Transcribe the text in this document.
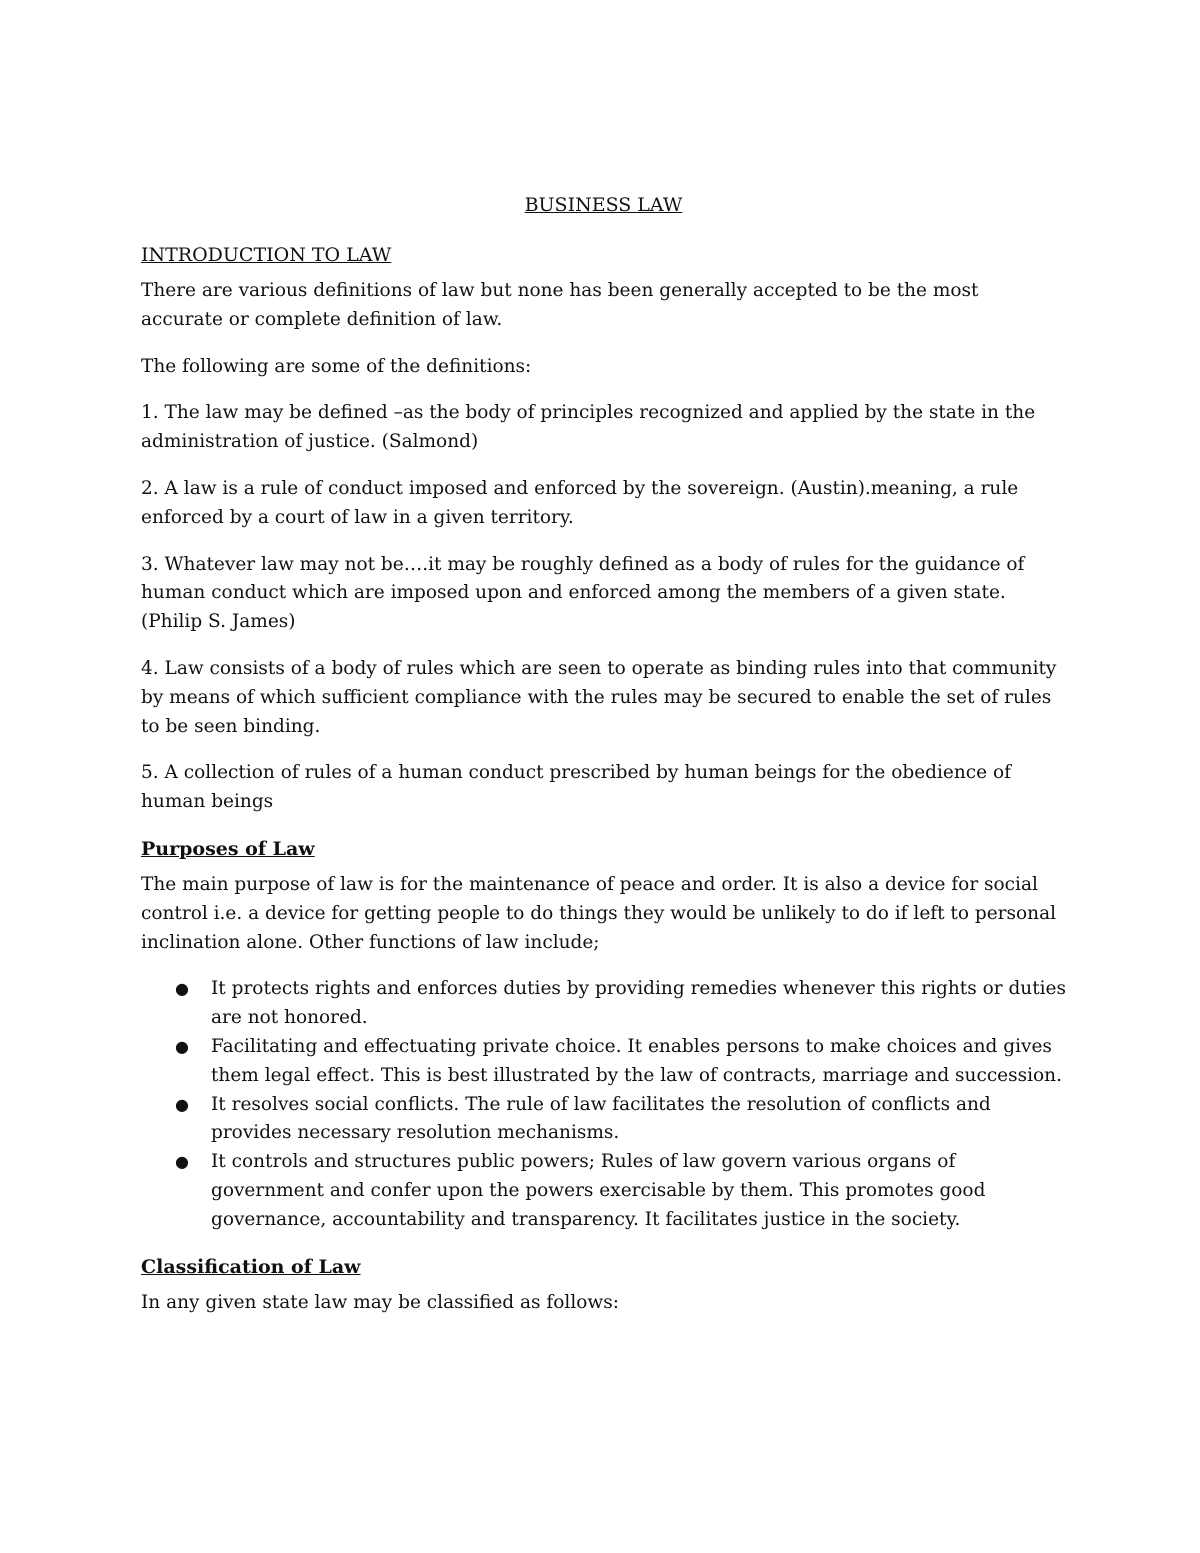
BUSINESS LAW
INTRODUCTION TO LAW

There are various definitions of law but none has been generally accepted to be the most accurate or complete definition of law.

The following are some of the definitions:

1. The law may be defined –as the body of principles recognized and applied by the state in the administration of justice. (Salmond)

2. A law is a rule of conduct imposed and enforced by the sovereign. (Austin).meaning, a rule enforced by a court of law in a given territory.

3. Whatever law may not be….it may be roughly defined as a body of rules for the guidance of human conduct which are imposed upon and enforced among the members of a given state. (Philip S. James)

4. Law consists of a body of rules which are seen to operate as binding rules into that community by means of which sufficient compliance with the rules may be secured to enable the set of rules to be seen binding.

5. A collection of rules of a human conduct prescribed by human beings for the obedience of human beings

Purposes of Law

The main purpose of law is for the maintenance of peace and order. It is also a device for social control i.e. a device for getting people to do things they would be unlikely to do if left to personal inclination alone. Other functions of law include;

● It protects rights and enforces duties by providing remedies whenever this rights or duties are not honored.
● Facilitating and effectuating private choice. It enables persons to make choices and gives them legal effect. This is best illustrated by the law of contracts, marriage and succession.
● It resolves social conflicts. The rule of law facilitates the resolution of conflicts and provides necessary resolution mechanisms.
● It controls and structures public powers; Rules of law govern various organs of government and confer upon the powers exercisable by them. This promotes good governance, accountability and transparency. It facilitates justice in the society.
Classification of Law

In any given state law may be classified as follows:
